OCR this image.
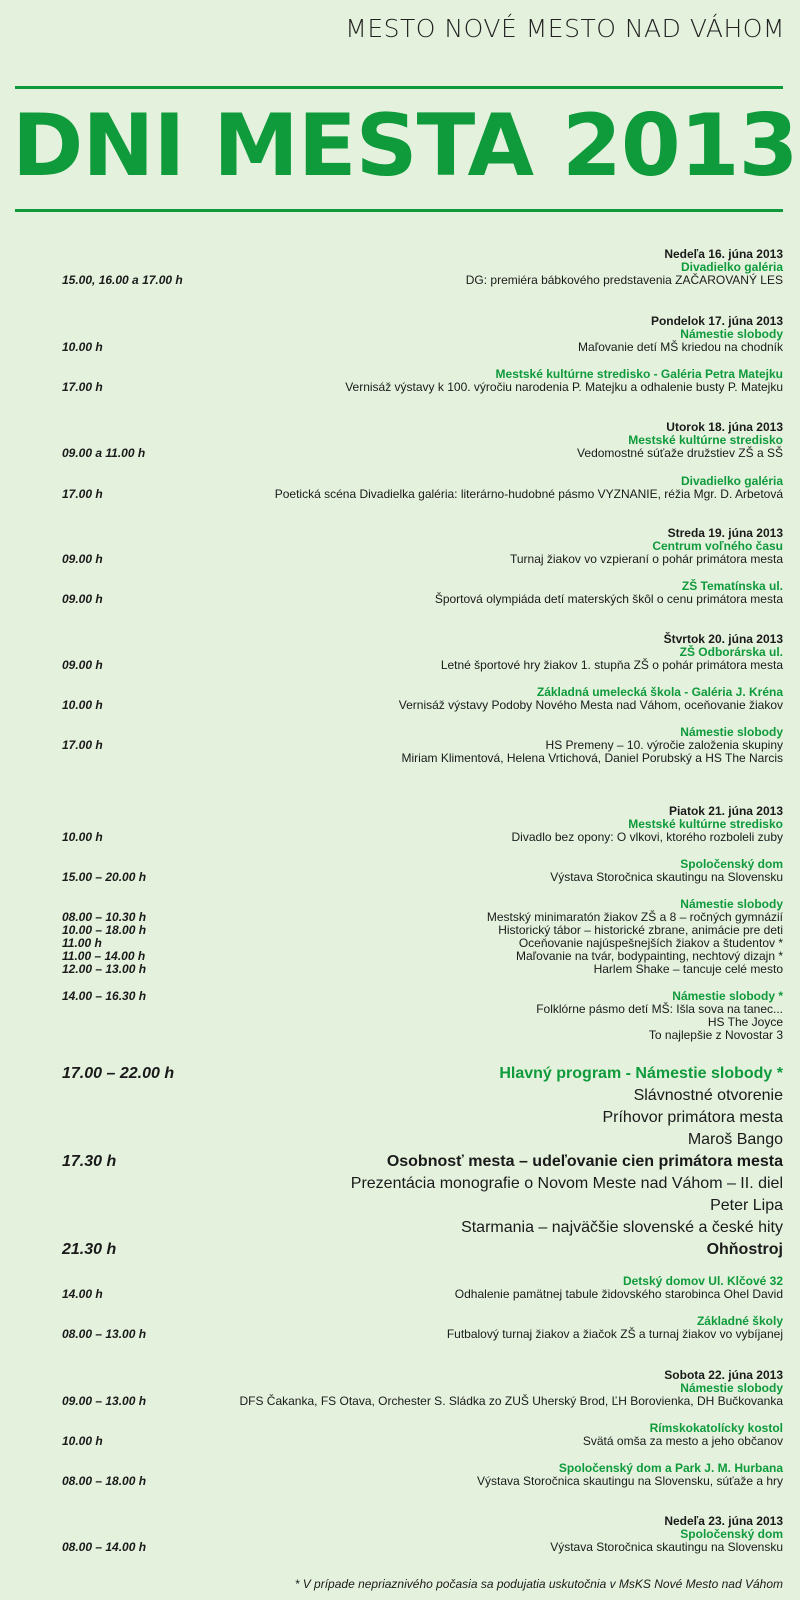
MESTO NOVÉ MESTO NAD VÁHOM
DNI MESTA 2013
* V prípade nepriaznivého počasia sa podujatia uskutočnia v MsKS Nové Mesto nad Váhom
Nedeľa 16. júna 2013
Divadielko galéria
DG: premiéra bábkového predstavenia ZAČAROVANÝ LES
Pondelok 17. júna 2013
Námestie slobody
Maľovanie detí MŠ kriedou na chodník
Mestské kultúrne stredisko - Galéria Petra Matejku
Vernisáž výstavy k 100. výročiu narodenia P. Matejku a odhalenie busty P. Matejku
Utorok 18. júna 2013
Mestské kultúrne stredisko
Vedomostné súťaže družstiev ZŠ a SŠ
Divadielko galéria
Poetická scéna Divadielka galéria: literárno-hudobné pásmo VYZNANIE, réžia Mgr. D. Arbetová
Streda 19. júna 2013
Centrum voľného času
Turnaj žiakov vo vzpieraní o pohár primátora mesta
ZŠ Tematínska ul.
Športová olympiáda detí materských škôl o cenu primátora mesta
Štvrtok 20. júna 2013
ZŠ Odborárska ul.
Letné športové hry žiakov 1. stupňa ZŠ o pohár primátora mesta
Základná umelecká škola - Galéria J. Kréna
Vernisáž výstavy Podoby Nového Mesta nad Váhom, oceňovanie žiakov
Námestie slobody
HS Premeny – 10. výročie založenia skupiny
Miriam Klimentová, Helena Vrtichová, Daniel Porubský a HS The Narcis
Piatok 21. júna 2013
Mestské kultúrne stredisko
Divadlo bez opony: O vlkovi, ktorého rozboleli zuby
Spoločenský dom
Výstava Storočnica skautingu na Slovensku
Námestie slobody
Mestský minimaratón žiakov ZŠ a 8 – ročných gymnázií
Historický tábor – historické zbrane, animácie pre deti
Oceňovanie najúspešnejších žiakov a študentov *
Maľovanie na tvár, bodypainting, nechtový dizajn *
Harlem Shake – tancuje celé mesto
Námestie slobody *
Folklórne pásmo detí MŠ: Išla sova na tanec...
HS The Joyce
To najlepšie z Novostar 3
Hlavný program - Námestie slobody *
Slávnostné otvorenie
Príhovor primátora mesta
Maroš Bango
Osobnosť mesta – udeľovanie cien primátora mesta
Prezentácia monografie o Novom Meste nad Váhom – II. diel
Peter Lipa
Starmania – najväčšie slovenské a české hity
Ohňostroj
Detský domov Ul. Klčové 32
Odhalenie pamätnej tabule židovského starobinca Ohel David
Základné školy
Futbalový turnaj žiakov a žiačok ZŠ a turnaj žiakov vo vybíjanej
Sobota 22. júna 2013
Námestie slobody
DFS Čakanka, FS Otava, Orchester S. Sládka zo ZUŠ Uherský Brod, ĽH Borovienka, DH Bučkovanka
Rímskokatolícky kostol
Svätá omša za mesto a jeho občanov
Spoločenský dom a Park J. M. Hurbana
Výstava Storočnica skautingu na Slovensku, súťaže a hry
Nedeľa 23. júna 2013
Spoločenský dom
Výstava Storočnica skautingu na Slovensku
15.00, 16.00 a 17.00 h
10.00 h
17.00 h
09.00 a 11.00 h
17.00 h
09.00 h
09.00 h
09.00 h
10.00 h
17.00 h
10.00 h
15.00 – 20.00 h
08.00 – 10.30 h
10.00 – 18.00 h
11.00 h
11.00 – 14.00 h
12.00 – 13.00 h
14.00 – 16.30 h
17.00 – 22.00 h
17.30 h
21.30 h
14.00 h
08.00 – 13.00 h
09.00 – 13.00 h
10.00 h
08.00 – 18.00 h
08.00 – 14.00 h
